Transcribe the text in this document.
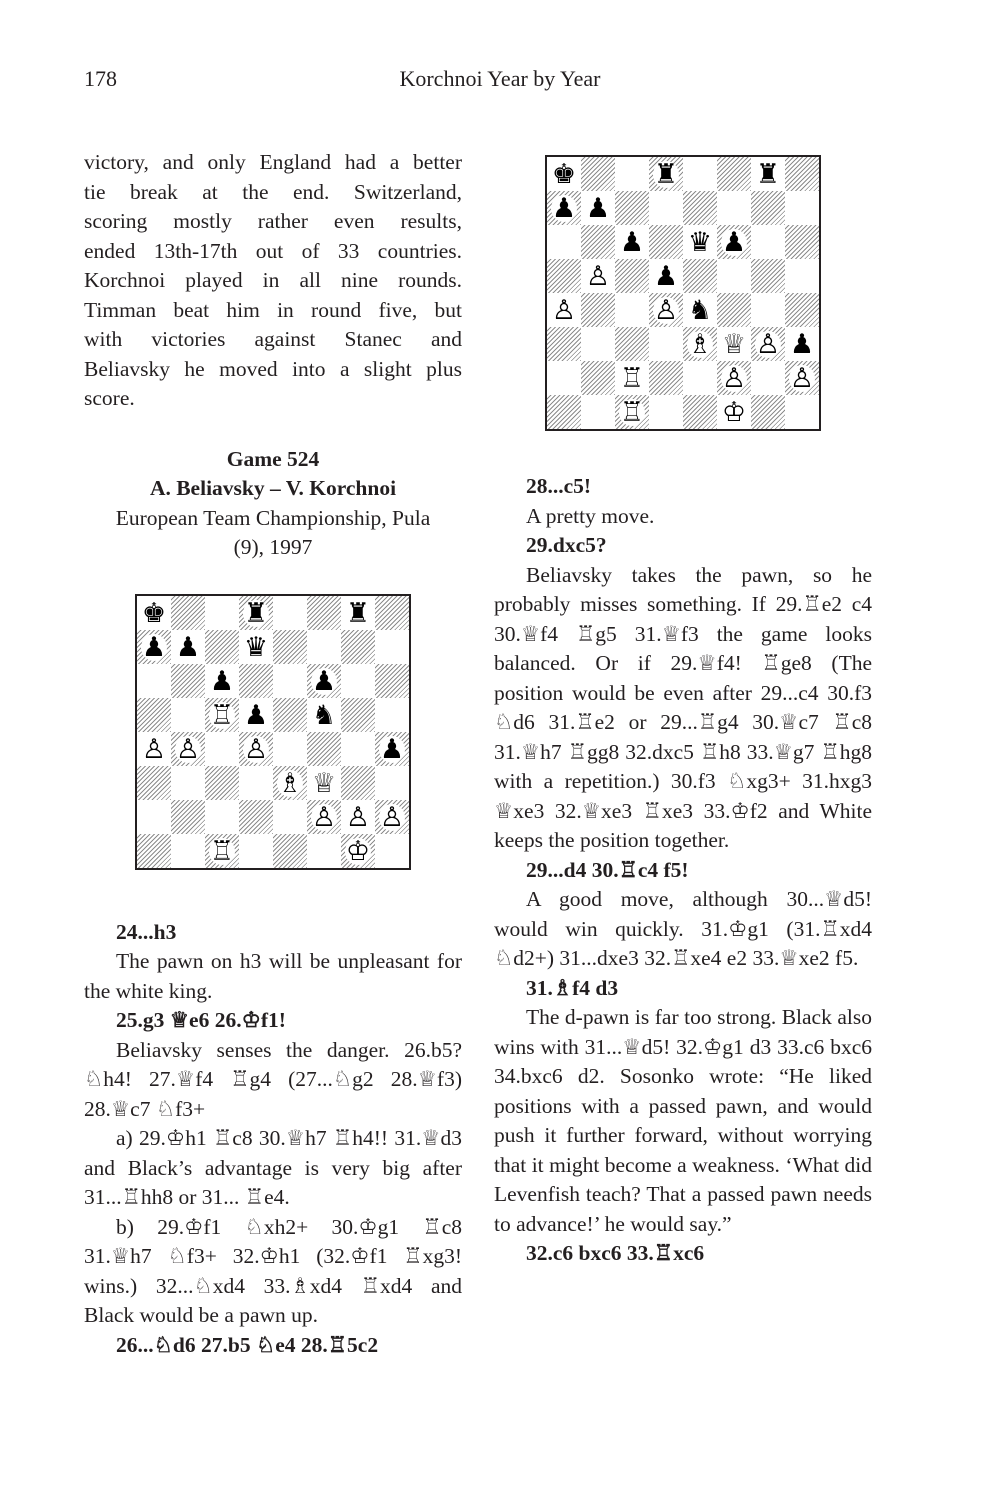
178	Korchnoi Year by Year
victory, and only England had a better
tie break at the end. Switzerland,
scoring mostly rather even results,
ended 13th-17th out of 33 countries.
Korchnoi played in all nine rounds.
Timman beat him in round five, but
with victories against Stanec and
Beliavsky he moved into a slight plus
score.
Game 524
A. Beliavsky – V. Korchnoi
European Team Championship, Pula
(9), 1997

24...h3

The pawn on h3 will be unpleasant for the white king.

25.g3 ♕e6 26.♔f1!

Beliavsky senses the danger. 26.b5? ♘h4! 27.♕f4 ♖g4 (27...♘g2 28.♕f3) 28.♕c7 ♘f3+

a) 29.♔h1 ♖c8 30.♕h7 ♖h4!! 31.♕d3 and Black’s advantage is very big after 31...♖hh8 or 31... ♖e4.

b) 29.♔f1 ♘xh2+ 30.♔g1 ♖c8 31.♕h7 ♘f3+ 32.♔h1 (32.♔f1 ♖xg3! wins.) 32...♘xd4 33.♗xd4 ♖xd4 and Black would be a pawn up.

26...♘d6 27.b5 ♘e4 28.♖5c2

♚	♜	♜
♟ ♟ ♛
♟	♟
♖ ♟ ♞
♙ ♙ ♙	♟
♗ ♕
♙ ♙ ♙
♖	♔
♚	♜	♜
♟ ♟
♟ ♛ ♟
♙ ♟
♙	♙ ♞
♗ ♕ ♙ ♟
♖	♙ ♙
♖	♔

28...c5!

A pretty move.

29.dxc5?

Beliavsky takes the pawn, so he probably misses something. If 29.♖e2 c4 30.♕f4 ♖g5 31.♕f3 the game looks balanced. Or if 29.♕f4! ♖ge8 (The position would be even after 29...c4 30.f3 ♘d6 31.♖e2 or 29...♖g4 30.♕c7 ♖c8 31.♕h7 ♖gg8 32.dxc5 ♖h8 33.♕g7 ♖hg8 with a repetition.) 30.f3 ♘xg3+ 31.hxg3 ♕xe3 32.♕xe3 ♖xe3 33.♔f2 and White keeps the position together.

29...d4 30.♖c4 f5!

A good move, although 30...♕d5! would win quickly. 31.♔g1 (31.♖xd4 ♘d2+) 31...dxe3 32.♖xe4 e2 33.♕xe2 f5.

31.♗f4 d3

The d-pawn is far too strong. Black also wins with 31...♕d5! 32.♔g1 d3 33.c6 bxc6 34.bxc6 d2. Sosonko wrote: “He liked positions with a passed pawn, and would push it further forward, without worrying that it might become a weakness. ‘What did Levenfish teach? That a passed pawn needs to advance!’ he would say.”

32.c6 bxc6 33.♖xc6
